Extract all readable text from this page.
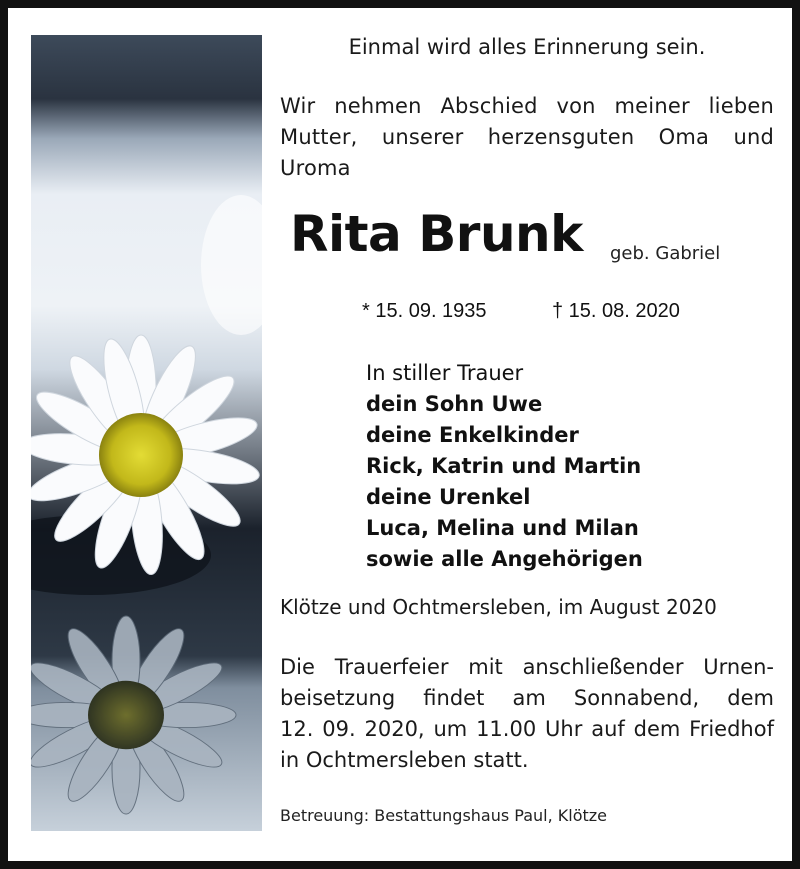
Einmal wird alles Erinnerung sein.
Wir nehmen Abschied von meiner lieben
Mutter, unserer herzensguten Oma und
Uroma
Rita Brunk geb. Gabriel
* 15. 09. 1935	† 15. 08. 2020
In stiller Trauer
dein Sohn Uwe
deine Enkelkinder
Rick, Katrin und Martin
deine Urenkel
Luca, Melina und Milan
sowie alle Angehörigen
Klötze und Ochtmersleben, im August 2020
Die Trauerfeier mit anschließender Urnen-
beisetzung findet am Sonnabend, dem
12. 09. 2020, um 11.00 Uhr auf dem Friedhof
in Ochtmersleben statt.
Betreuung: Bestattungshaus Paul, Klötze
